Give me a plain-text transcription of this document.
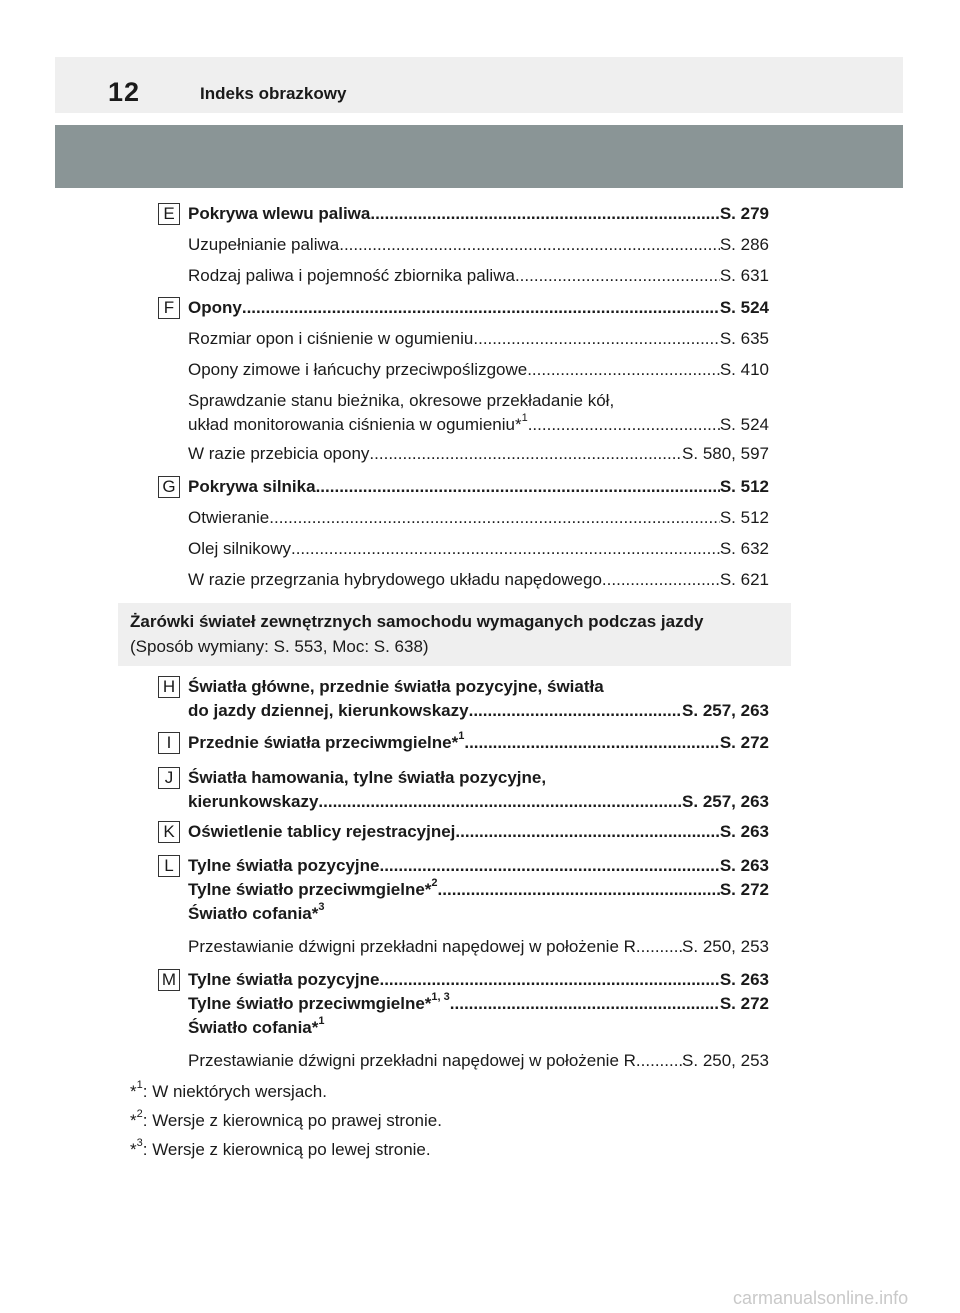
12	Indeks obrazkowy
E Pokrywa wlewu paliwa .....	S. 279
Uzupełnianie paliwa .....	S. 286
Rodzaj paliwa i pojemność zbiornika paliwa .....	S. 631
F Opony .....	S. 524
Rozmiar opon i ciśnienie w ogumieniu .....	S. 635
Opony zimowe i łańcuchy przeciwpoślizgowe .....	S. 410
Sprawdzanie stanu bieżnika, okresowe przekładanie kół,
układ monitorowania ciśnienia w ogumieniu*$^1$ .....	S. 524
W razie przebicia opony .....	S. 580, 597
G Pokrywa silnika .....	S. 512
Otwieranie .....	S. 512
Olej silnikowy .....	S. 632
W razie przegrzania hybrydowego układu napędowego .....	S. 621
Żarówki świateł zewnętrznych samochodu wymaganych podczas jazdy
(Sposób wymiany: S. 553, Moc: S. 638)
H Światła główne, przednie światła pozycyjne, światła
do jazdy dziennej, kierunkowskazy .....	S. 257, 263
I Przednie światła przeciwmgielne*$^1$ .....	S. 272
J Światła hamowania, tylne światła pozycyjne,
kierunkowskazy .....	S. 257, 263
K Oświetlenie tablicy rejestracyjnej .....	S. 263
L Tylne światła pozycyjne .....	S. 263
Tylne światło przeciwmgielne*$^2$ .....	S. 272
Światło cofania*$^3$
Przestawianie dźwigni przekładni napędowej w położenie R .....	S. 250, 253
M Tylne światła pozycyjne .....	S. 263
Tylne światło przeciwmgielne*$^{1, 3}$ .....	S. 272
Światło cofania*$^1$
Przestawianie dźwigni przekładni napędowej w położenie R .....	S. 250, 253
*$^1$: W niektórych wersjach.
*$^2$: Wersje z kierownicą po prawej stronie.
*$^3$: Wersje z kierownicą po lewej stronie.
carmanualsonline.info
